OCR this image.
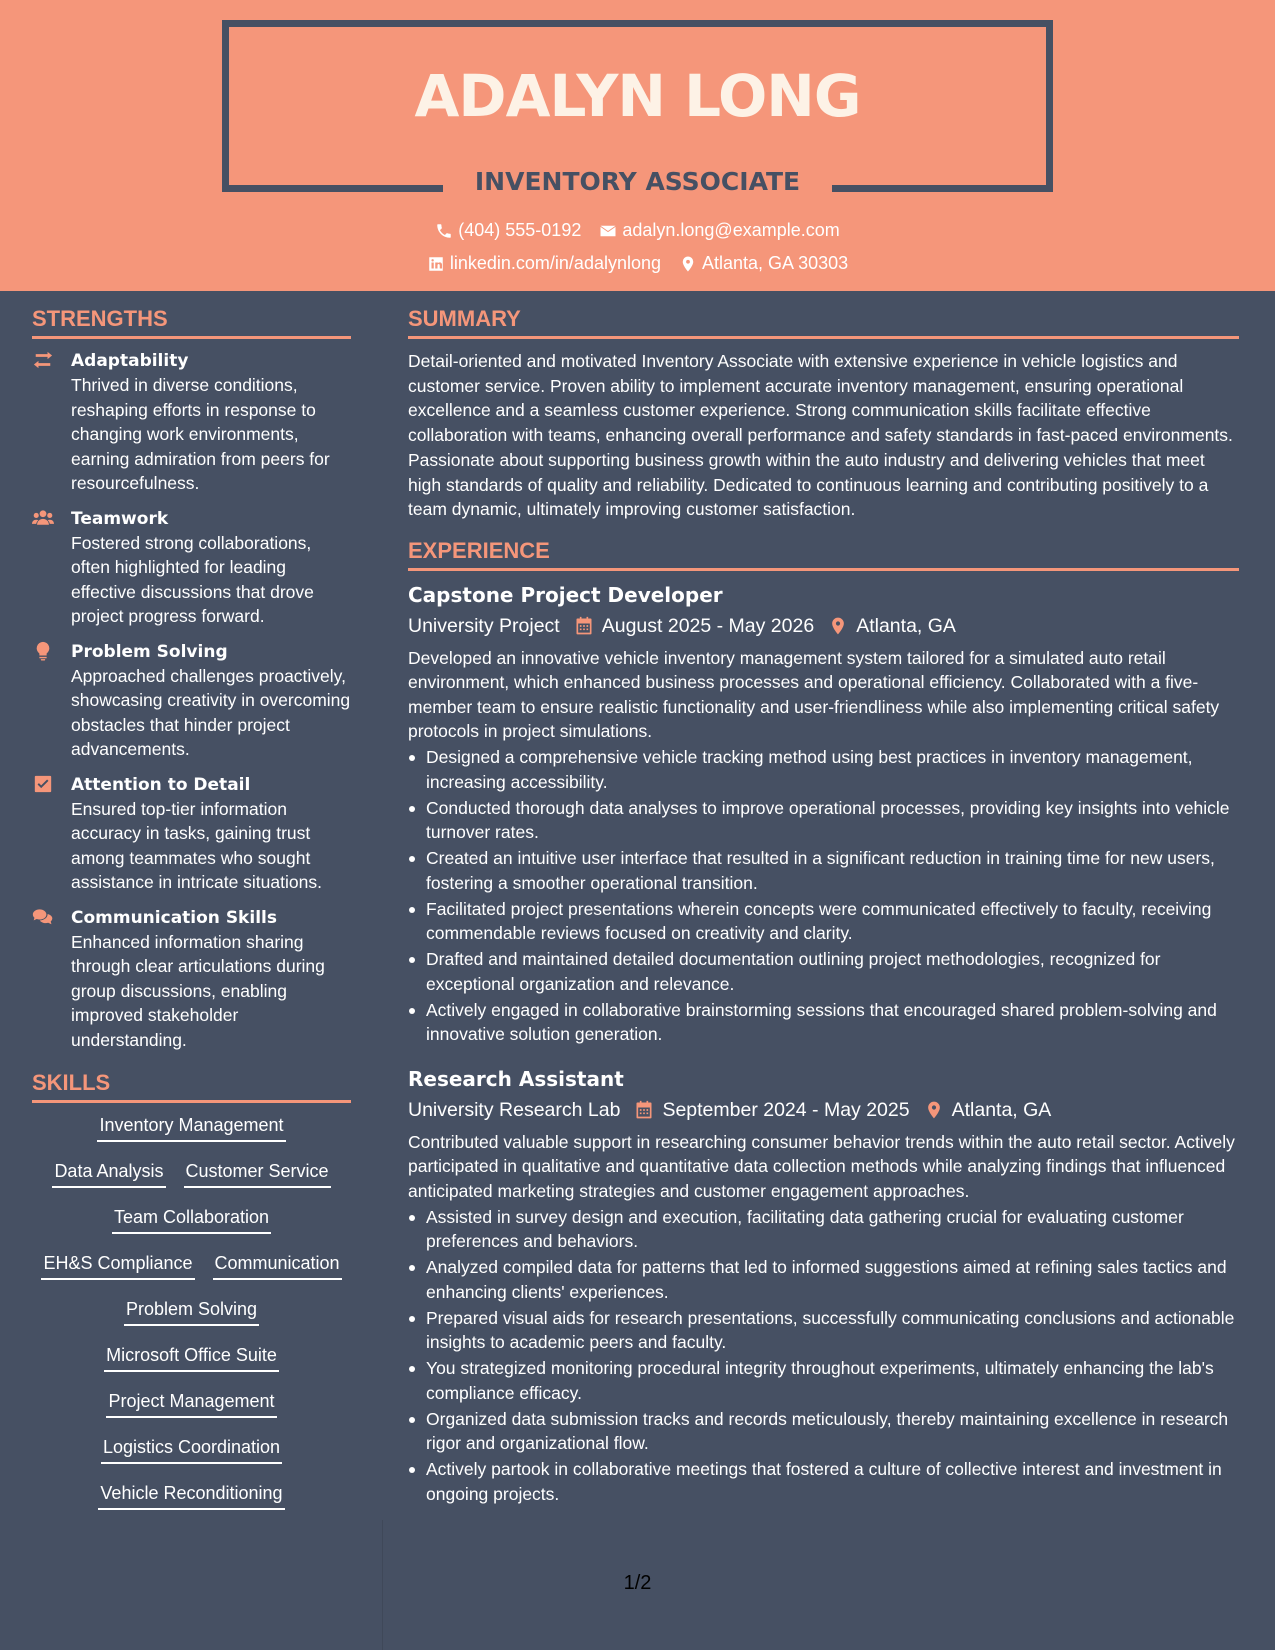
ADALYN LONG
INVENTORY ASSOCIATE
(404) 555-0192 adalyn.long@example.com
linkedin.com/in/adalynlong Atlanta, GA 30303
STRENGTHS
Adaptability
Thrived in diverse conditions, reshaping efforts in response to changing work environments, earning admiration from peers for resourcefulness.
Teamwork
Fostered strong collaborations, often highlighted for leading effective discussions that drove project progress forward.
Problem Solving
Approached challenges proactively, showcasing creativity in overcoming obstacles that hinder project advancements.
Attention to Detail
Ensured top-tier information accuracy in tasks, gaining trust among teammates who sought assistance in intricate situations.
Communication Skills
Enhanced information sharing through clear articulations during group discussions, enabling improved stakeholder understanding.
SKILLS
Inventory Management
Data Analysis Customer Service
Team Collaboration
EH&S Compliance Communication
Problem Solving
Microsoft Office Suite
Project Management
Logistics Coordination
Vehicle Reconditioning
SUMMARY
Detail-oriented and motivated Inventory Associate with extensive experience in vehicle logistics and customer service. Proven ability to implement accurate inventory management, ensuring operational excellence and a seamless customer experience. Strong communication skills facilitate effective collaboration with teams, enhancing overall performance and safety standards in fast-paced environments. Passionate about supporting business growth within the auto industry and delivering vehicles that meet high standards of quality and reliability. Dedicated to continuous learning and contributing positively to a team dynamic, ultimately improving customer satisfaction.
EXPERIENCE
Capstone Project Developer
University Project August 2025 - May 2026 Atlanta, GA
Developed an innovative vehicle inventory management system tailored for a simulated auto retail environment, which enhanced business processes and operational efficiency. Collaborated with a five-member team to ensure realistic functionality and user-friendliness while also implementing critical safety protocols in project simulations.
Designed a comprehensive vehicle tracking method using best practices in inventory management, increasing accessibility.
Conducted thorough data analyses to improve operational processes, providing key insights into vehicle turnover rates.
Created an intuitive user interface that resulted in a significant reduction in training time for new users, fostering a smoother operational transition.
Facilitated project presentations wherein concepts were communicated effectively to faculty, receiving commendable reviews focused on creativity and clarity.
Drafted and maintained detailed documentation outlining project methodologies, recognized for exceptional organization and relevance.
Actively engaged in collaborative brainstorming sessions that encouraged shared problem-solving and innovative solution generation.
Research Assistant
University Research Lab September 2024 - May 2025 Atlanta, GA
Contributed valuable support in researching consumer behavior trends within the auto retail sector. Actively participated in qualitative and quantitative data collection methods while analyzing findings that influenced anticipated marketing strategies and customer engagement approaches.
Assisted in survey design and execution, facilitating data gathering crucial for evaluating customer preferences and behaviors.
Analyzed compiled data for patterns that led to informed suggestions aimed at refining sales tactics and enhancing clients' experiences.
Prepared visual aids for research presentations, successfully communicating conclusions and actionable insights to academic peers and faculty.
You strategized monitoring procedural integrity throughout experiments, ultimately enhancing the lab's compliance efficacy.
Organized data submission tracks and records meticulously, thereby maintaining excellence in research rigor and organizational flow.
Actively partook in collaborative meetings that fostered a culture of collective interest and investment in ongoing projects.
1/2
